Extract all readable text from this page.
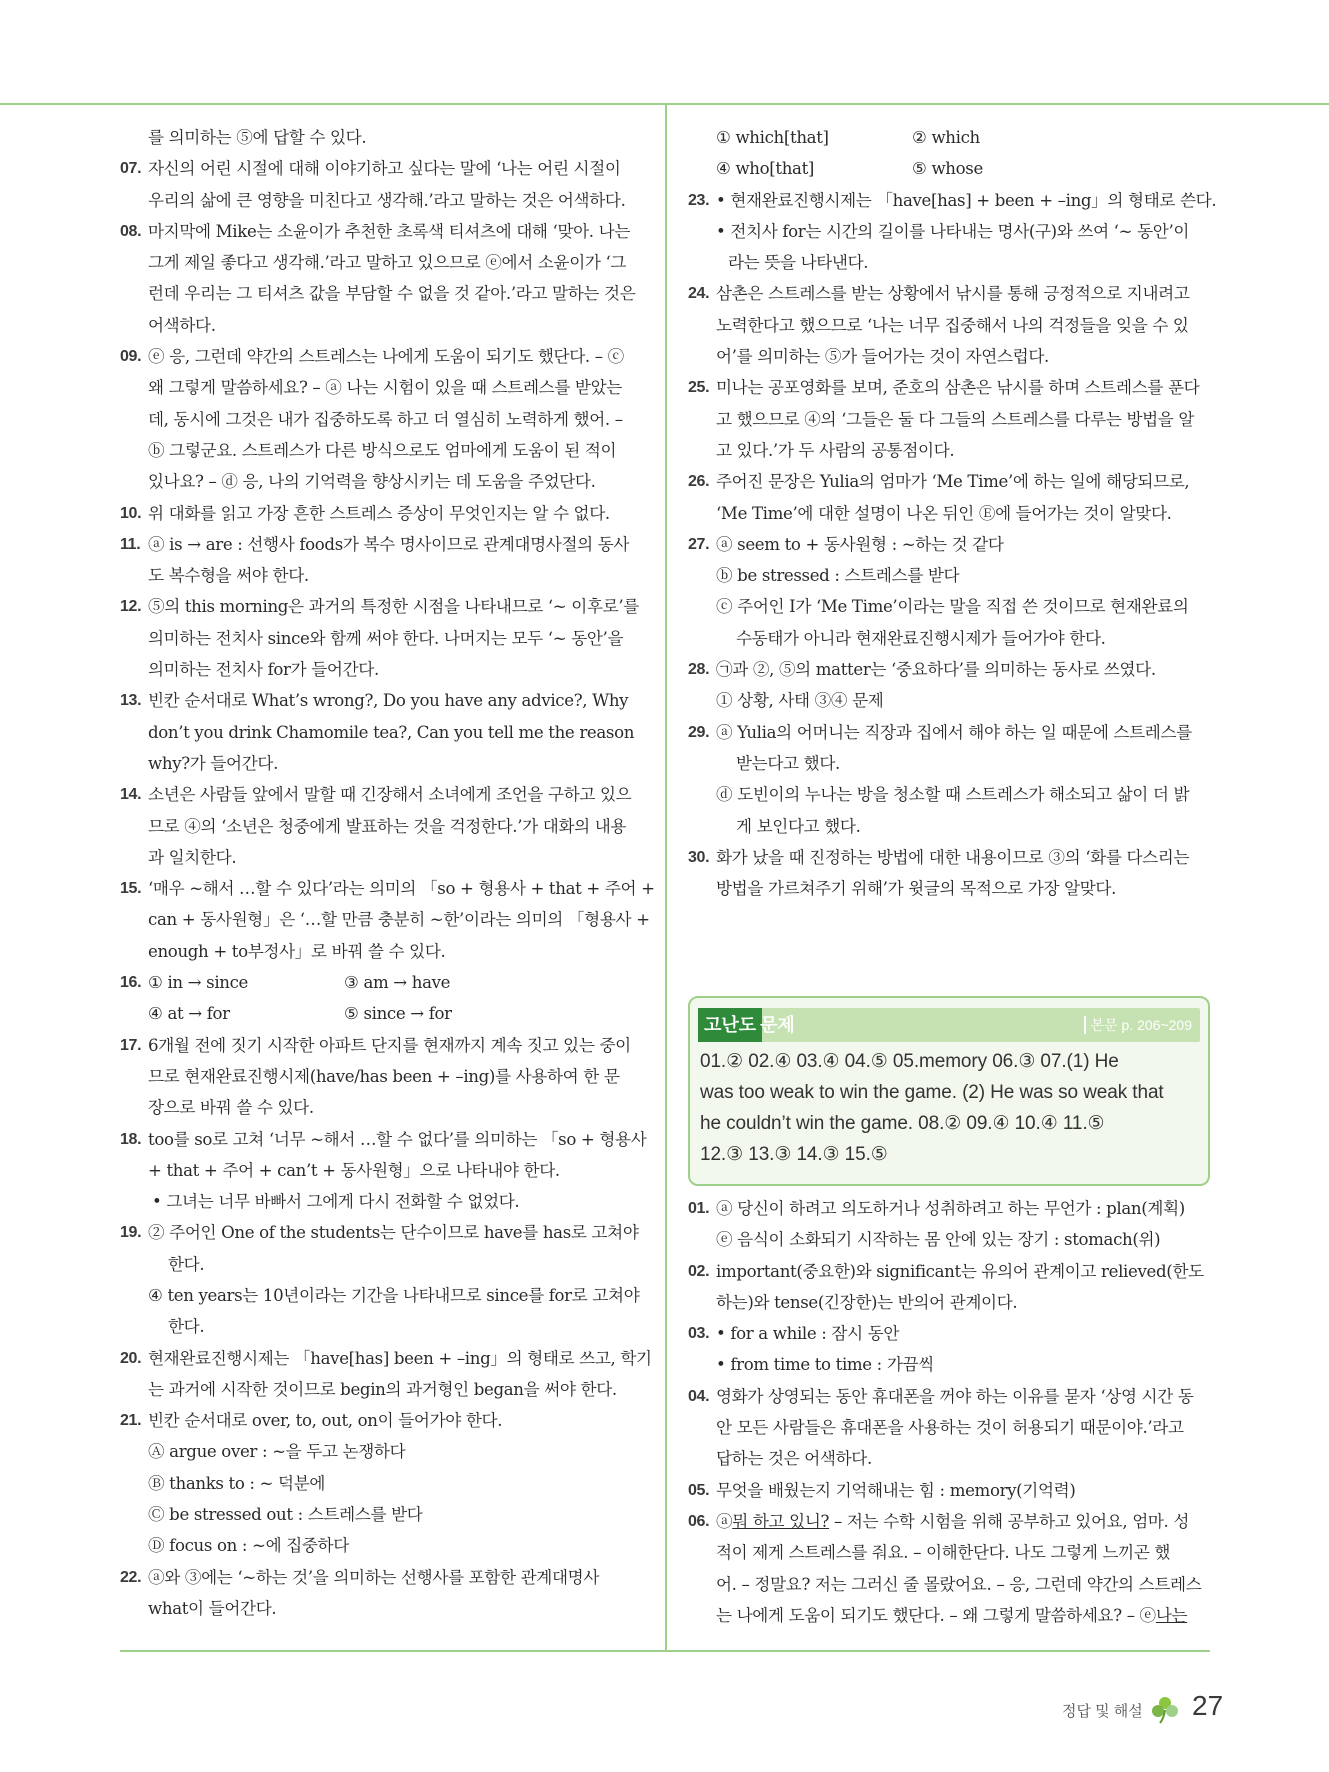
를 의미하는 ⑤에 답할 수 있다.
07. 자신의 어린 시절에 대해 이야기하고 싶다는 말에 ‘나는 어린 시절이
우리의 삶에 큰 영향을 미친다고 생각해.’라고 말하는 것은 어색하다.
08. 마지막에 Mike는 소윤이가 추천한 초록색 티셔츠에 대해 ‘맞아. 나는
그게 제일 좋다고 생각해.’라고 말하고 있으므로 ⓔ에서 소윤이가 ‘그
런데 우리는 그 티셔츠 값을 부담할 수 없을 것 같아.’라고 말하는 것은
어색하다.
09. ⓔ 응, 그런데 약간의 스트레스는 나에게 도움이 되기도 했단다. – ⓒ
왜 그렇게 말씀하세요? – ⓐ 나는 시험이 있을 때 스트레스를 받았는
데, 동시에 그것은 내가 집중하도록 하고 더 열심히 노력하게 했어. –
ⓑ 그렇군요. 스트레스가 다른 방식으로도 엄마에게 도움이 된 적이
있나요? – ⓓ 응, 나의 기억력을 향상시키는 데 도움을 주었단다.
10. 위 대화를 읽고 가장 흔한 스트레스 증상이 무엇인지는 알 수 없다.
11. ⓐ is → are : 선행사 foods가 복수 명사이므로 관계대명사절의 동사
도 복수형을 써야 한다.
12. ⑤의 this morning은 과거의 특정한 시점을 나타내므로 ‘~ 이후로’를
의미하는 전치사 since와 함께 써야 한다. 나머지는 모두 ‘~ 동안’을
의미하는 전치사 for가 들어간다.
13. 빈칸 순서대로 What’s wrong?, Do you have any advice?, Why
don’t you drink Chamomile tea?, Can you tell me the reason
why?가 들어간다.
14. 소년은 사람들 앞에서 말할 때 긴장해서 소녀에게 조언을 구하고 있으
므로 ④의 ‘소년은 청중에게 발표하는 것을 걱정한다.’가 대화의 내용
과 일치한다.
15. ‘매우 ~해서 …할 수 있다’라는 의미의 「so + 형용사 + that + 주어 +
can + 동사원형」은 ‘…할 만큼 충분히 ~한’이라는 의미의 「형용사 +
enough + to부정사」로 바꿔 쓸 수 있다.
16. ① in → since	③ am → have
④ at → for	⑤ since → for
17. 6개월 전에 짓기 시작한 아파트 단지를 현재까지 계속 짓고 있는 중이
므로 현재완료진행시제(have/has been + –ing)를 사용하여 한 문
장으로 바꿔 쓸 수 있다.
18. too를 so로 고쳐 ‘너무 ~해서 …할 수 없다’를 의미하는 「so + 형용사
+ that + 주어 + can’t + 동사원형」으로 나타내야 한다.
• 그녀는 너무 바빠서 그에게 다시 전화할 수 없었다.
19. ② 주어인 One of the students는 단수이므로 have를 has로 고쳐야
한다.
④ ten years는 10년이라는 기간을 나타내므로 since를 for로 고쳐야
한다.
20. 현재완료진행시제는 「have[has] been + –ing」의 형태로 쓰고, 학기
는 과거에 시작한 것이므로 begin의 과거형인 began을 써야 한다.
21. 빈칸 순서대로 over, to, out, on이 들어가야 한다.
Ⓐ argue over : ~을 두고 논쟁하다
Ⓑ thanks to : ~ 덕분에
Ⓒ be stressed out : 스트레스를 받다
Ⓓ focus on : ~에 집중하다
22. ⓐ와 ③에는 ‘~하는 것’을 의미하는 선행사를 포함한 관계대명사
what이 들어간다.
① which[that]	② which
④ who[that]	⑤ whose
23. • 현재완료진행시제는 「have[has] + been + –ing」의 형태로 쓴다.
• 전치사 for는 시간의 길이를 나타내는 명사(구)와 쓰여 ‘~ 동안’이
라는 뜻을 나타낸다.
24. 삼촌은 스트레스를 받는 상황에서 낚시를 통해 긍정적으로 지내려고
노력한다고 했으므로 ‘나는 너무 집중해서 나의 걱정들을 잊을 수 있
어’를 의미하는 ⑤가 들어가는 것이 자연스럽다.
25. 미나는 공포영화를 보며, 준호의 삼촌은 낚시를 하며 스트레스를 푼다
고 했으므로 ④의 ‘그들은 둘 다 그들의 스트레스를 다루는 방법을 알
고 있다.’가 두 사람의 공통점이다.
26. 주어진 문장은 Yulia의 엄마가 ‘Me Time’에 하는 일에 해당되므로,
‘Me Time’에 대한 설명이 나온 뒤인 Ⓔ에 들어가는 것이 알맞다.
27. ⓐ seem to + 동사원형 : ~하는 것 같다
ⓑ be stressed : 스트레스를 받다
ⓒ 주어인 I가 ‘Me Time’이라는 말을 직접 쓴 것이므로 현재완료의
수동태가 아니라 현재완료진행시제가 들어가야 한다.
28. ㉠과 ②, ⑤의 matter는 ‘중요하다’를 의미하는 동사로 쓰였다.
① 상황, 사태 ③④ 문제
29. ⓐ Yulia의 어머니는 직장과 집에서 해야 하는 일 때문에 스트레스를
받는다고 했다.
ⓓ 도빈이의 누나는 방을 청소할 때 스트레스가 해소되고 삶이 더 밝
게 보인다고 했다.
30. 화가 났을 때 진정하는 방법에 대한 내용이므로 ③의 ‘화를 다스리는
방법을 가르쳐주기 위해’가 윗글의 목적으로 가장 알맞다.
고난도 문제	본문 p. 206~209
01.② 02.④ 03.④ 04.⑤ 05.memory 06.③ 07.(1) He
was too weak to win the game. (2) He was so weak that
he couldn’t win the game. 08.② 09.④ 10.④ 11.⑤
12.③ 13.③ 14.③ 15.⑤
01. ⓐ 당신이 하려고 의도하거나 성취하려고 하는 무언가 : plan(계획)
ⓔ 음식이 소화되기 시작하는 몸 안에 있는 장기 : stomach(위)
02. important(중요한)와 significant는 유의어 관계이고 relieved(한도
하는)와 tense(긴장한)는 반의어 관계이다.
03. • for a while : 잠시 동안
• from time to time : 가끔씩
04. 영화가 상영되는 동안 휴대폰을 꺼야 하는 이유를 묻자 ‘상영 시간 동
안 모든 사람들은 휴대폰을 사용하는 것이 허용되기 때문이야.’라고
답하는 것은 어색하다.
05. 무엇을 배웠는지 기억해내는 힘 : memory(기억력)
06. ⓐ뭐 하고 있니? – 저는 수학 시험을 위해 공부하고 있어요, 엄마. 성
적이 제게 스트레스를 줘요. – 이해한단다. 나도 그렇게 느끼곤 했
어. – 정말요? 저는 그러신 줄 몰랐어요. – 응, 그런데 약간의 스트레스
는 나에게 도움이 되기도 했단다. – 왜 그렇게 말씀하세요? – ⓔ나는
정답 및 해설 27
